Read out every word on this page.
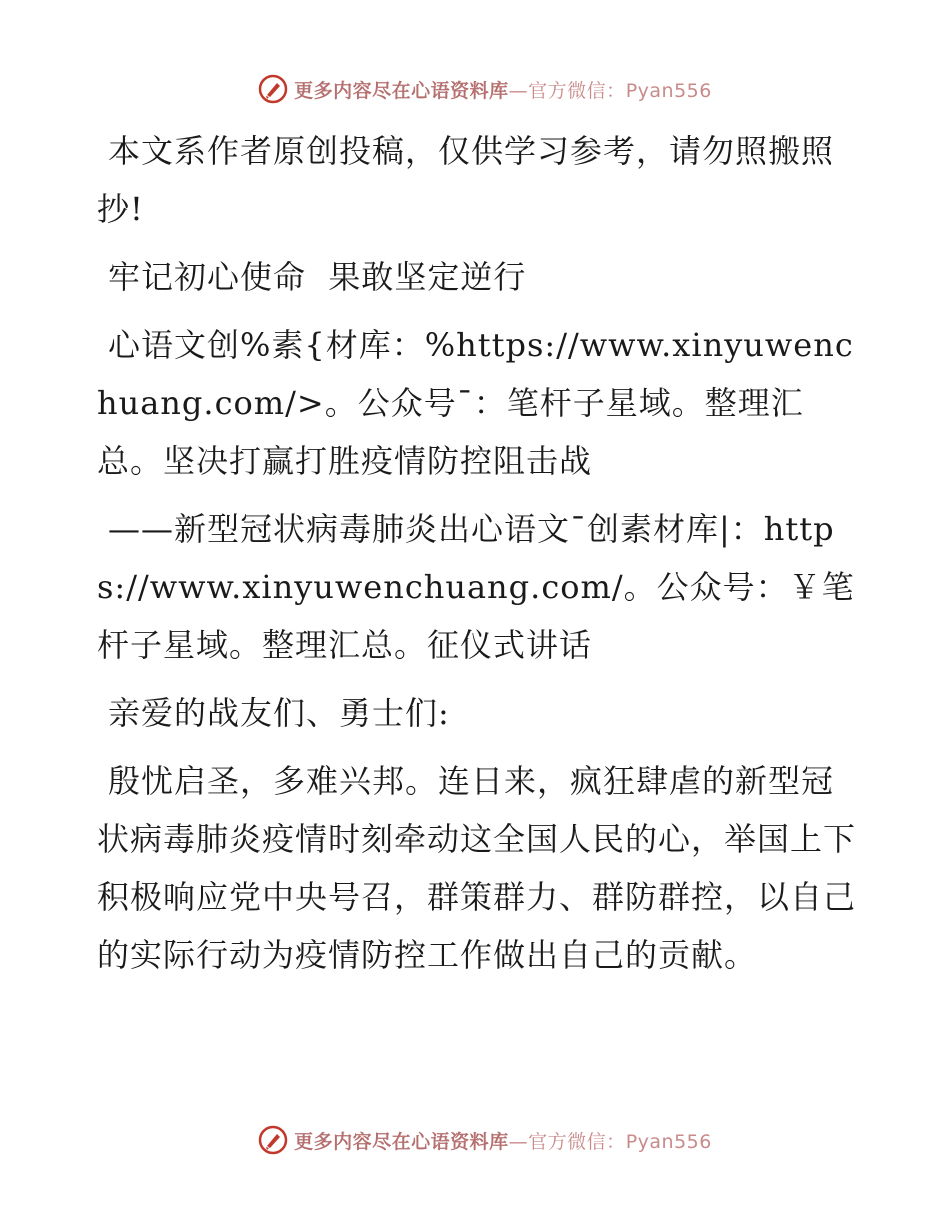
更多内容尽在心语资料库—官方微信：Pyan556

本文系作者原创投稿，仅供学习参考，请勿照搬照抄!

牢记初心使命  果敢坚定逆行

心语文创%素{材库：%https://www.xinyuwenchuang.com/>。公众号¯：笔杆子星域。整理汇总。坚决打赢打胜疫情防控阻击战

——新型冠状病毒肺炎出心语文¯创素材库|：https://www.xinyuwenchuang.com/。公众号：￥笔杆子星域。整理汇总。征仪式讲话

亲爱的战友们、勇士们:

殷忧启圣，多难兴邦。连日来，疯狂肆虐的新型冠状病毒肺炎疫情时刻牵动这全国人民的心，举国上下积极响应党中央号召，群策群力、群防群控，以自己的实际行动为疫情防控工作做出自己的贡献。

更多内容尽在心语资料库—官方微信：Pyan556
